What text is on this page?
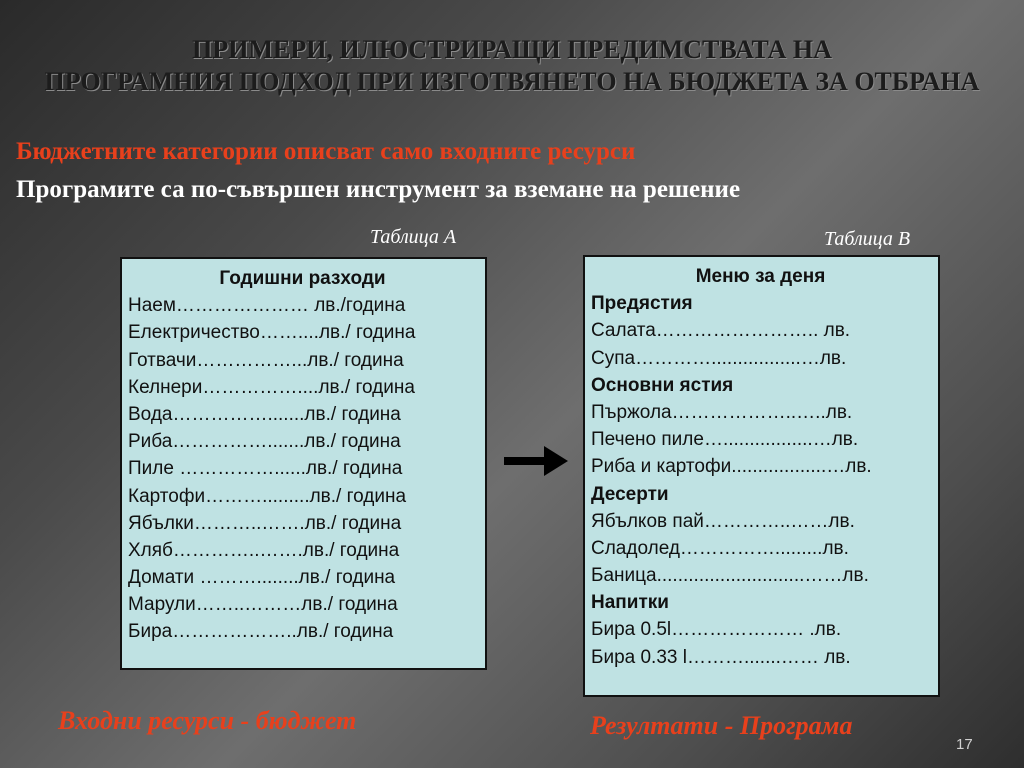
ПРИМЕРИ, ИЛЮСТРИРАЩИ ПРЕДИМСТВАТА НА
ПРОГРАМНИЯ ПОДХОД ПРИ ИЗГОТВЯНЕТО НА БЮДЖЕТА ЗА ОТБРАНА
Бюджетните категории описват само входните ресурси
Програмите са по-съвършен инструмент за вземане на решение
Таблица А	Таблица В
Годишни разходи
Наем………………… лв./година
Електричество……....лв./ година
Готвачи……………...лв./ година
Келнери……………....лв./ година
Вода…………….......лв./ година
Риба…………….......лв./ година
Пиле ……………......лв./ година
Картофи……….........лв./ година
Ябълки………..…….лв./ година
Хляб…………..…….лв./ година
Домати ………........лв./ година
Марули……..………лв./ година
Бира………………..лв./ година
Меню за деня
Предястия
Салата…………………….. лв.
Супа………….................…лв.
Основни ястия
Пържола………………..…..лв.
Печено пиле….................…лв.
Риба и картофи..................…лв.
Десерти
Ябълков пай…………..……лв.
Сладолед…………….........лв.
Баница............................……лв.
Напитки
Бира 0.5l………………… .лв.
Бира 0.33 l……….......…… лв.
Входни ресурси - бюджет	Резултати - Програма
17
